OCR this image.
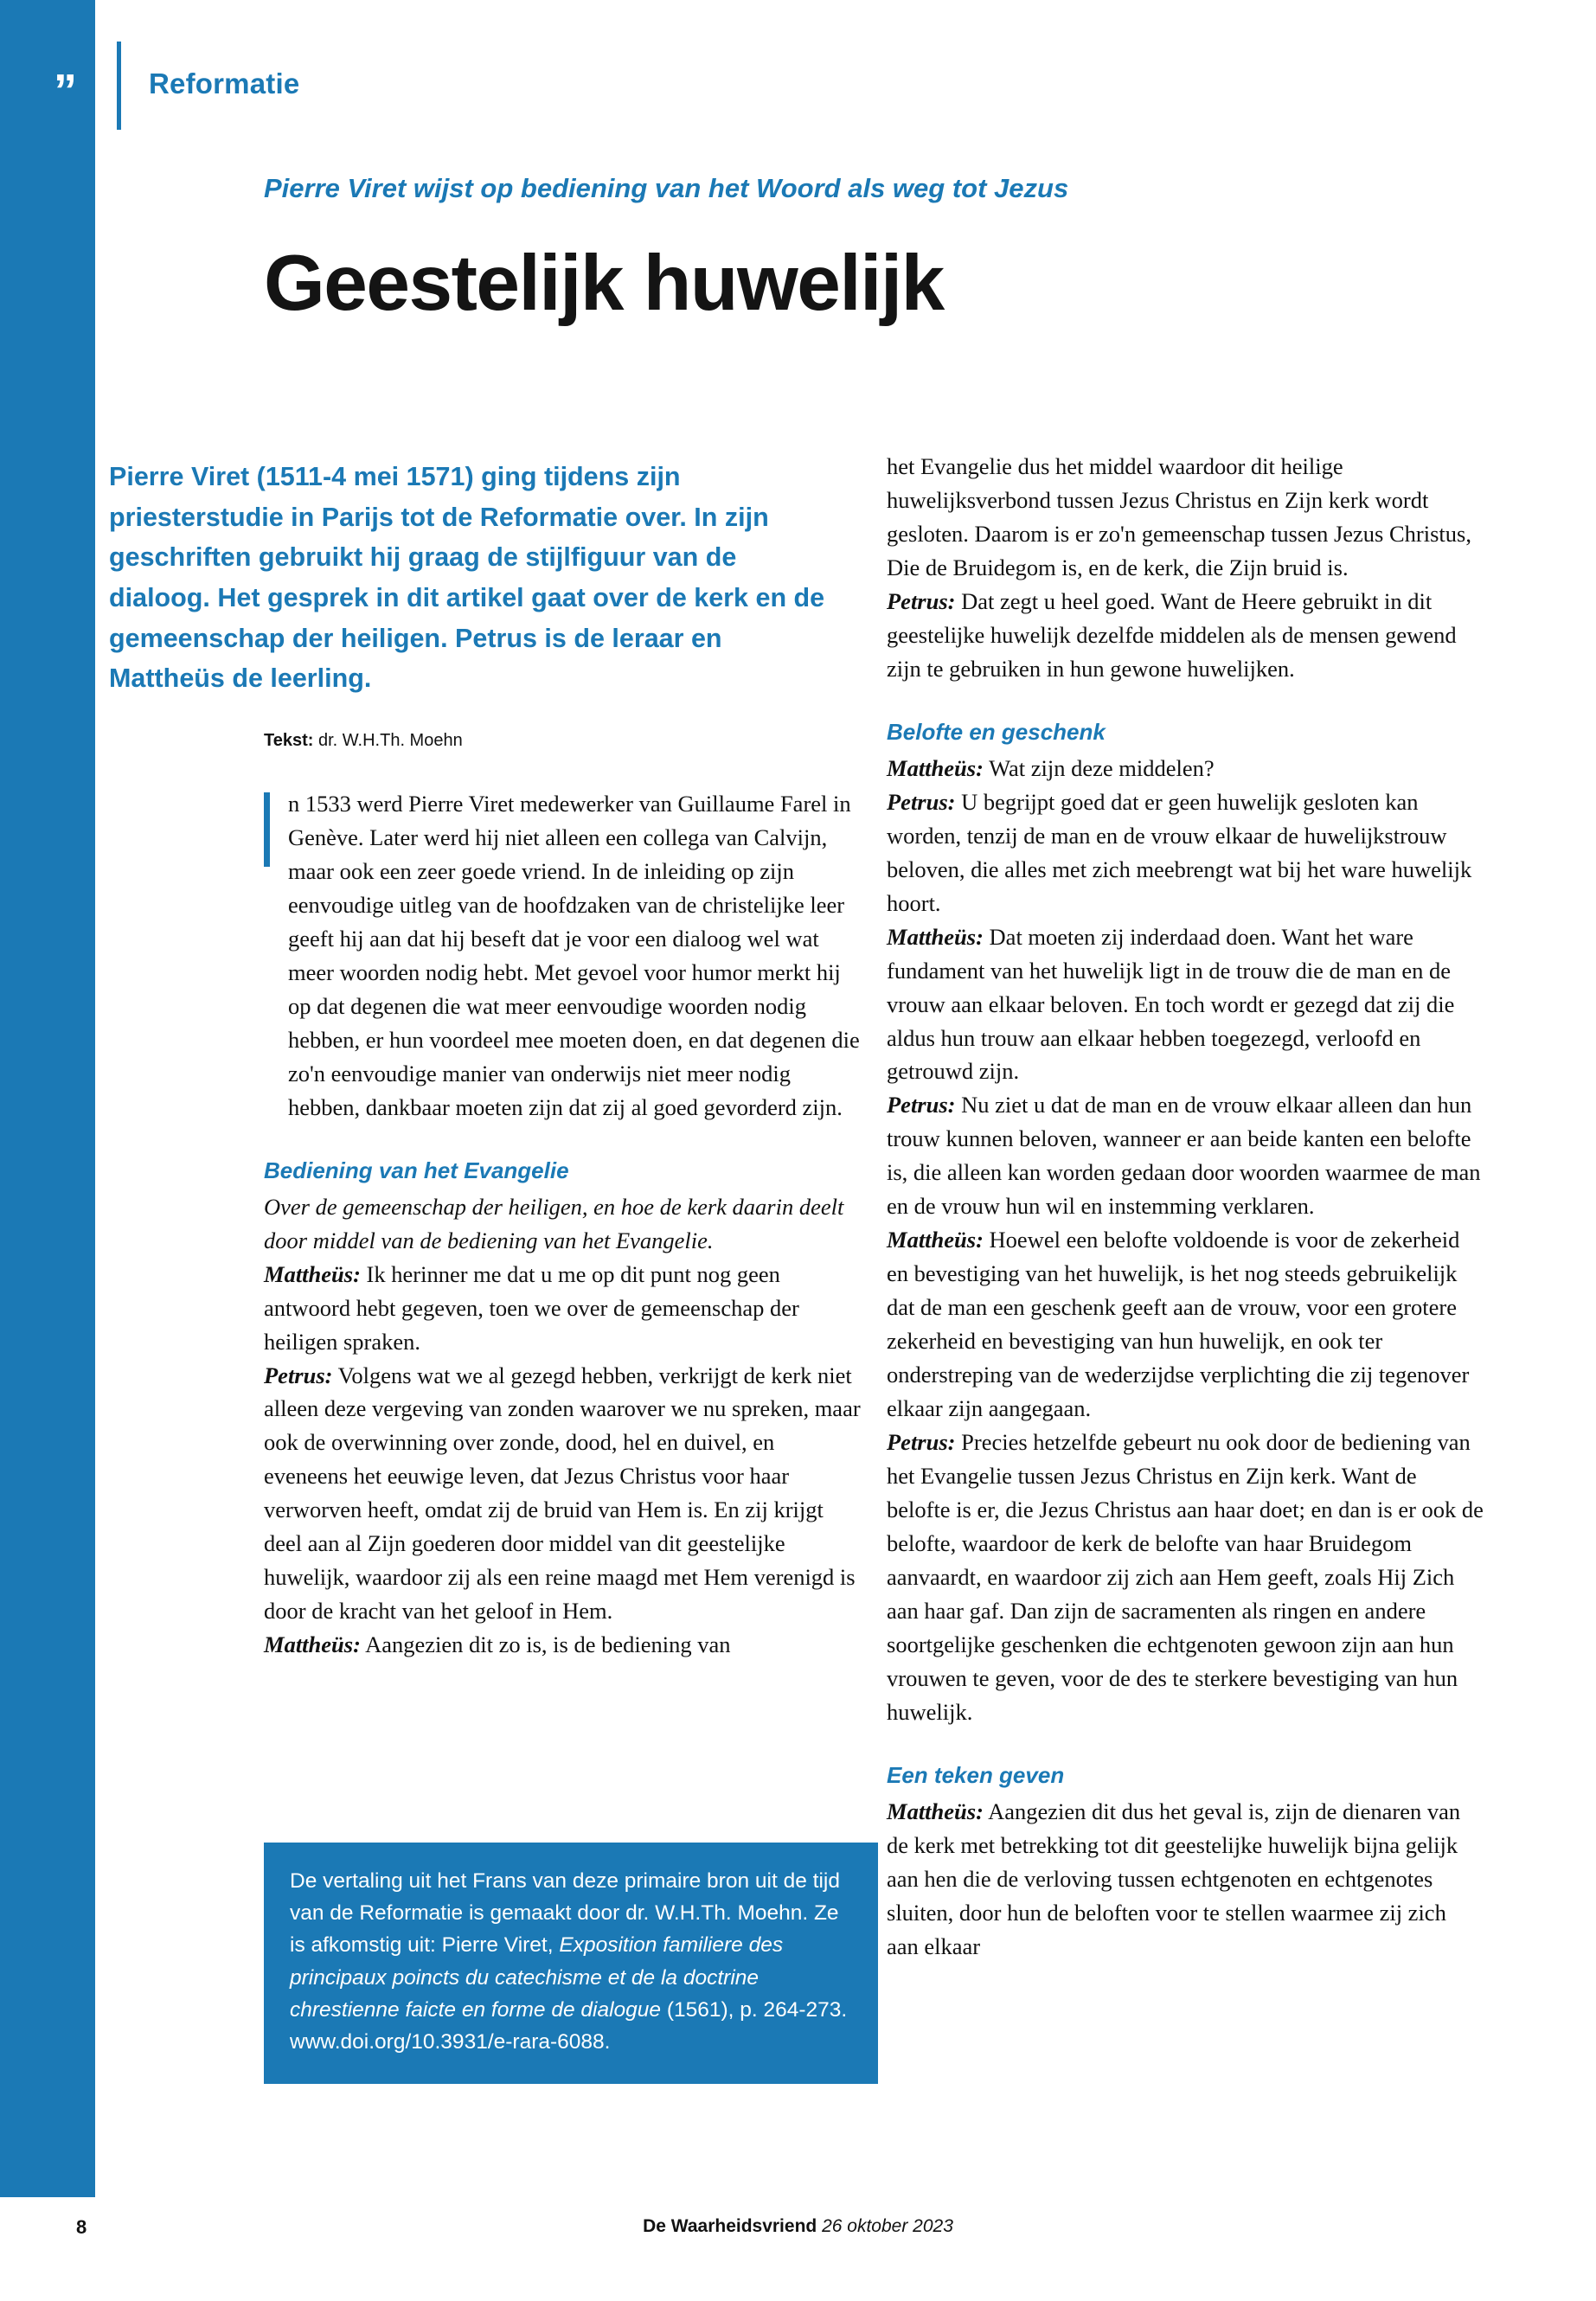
”	Reformatie
Pierre Viret wijst op bediening van het Woord als weg tot Jezus
Geestelijk huwelijk
Pierre Viret (1511-4 mei 1571) ging tijdens zijn priesterstudie in Parijs tot de Reformatie over. In zijn geschriften gebruikt hij graag de stijlfiguur van de dialoog. Het gesprek in dit artikel gaat over de kerk en de gemeenschap der heiligen. Petrus is de leraar en Mattheüs de leerling.
Tekst: dr. W.H.Th. Moehn

n 1533 werd Pierre Viret medewerker van Guillaume Farel in Genève. Later werd hij niet alleen een collega van Calvijn, maar ook een zeer goede vriend. In de inleiding op zijn eenvoudige uitleg van de hoofdzaken van de christelijke leer geeft hij aan dat hij beseft dat je voor een dialoog wel wat meer woorden nodig hebt. Met gevoel voor humor merkt hij op dat degenen die wat meer eenvoudige woorden nodig hebben, er hun voordeel mee moeten doen, en dat degenen die zo'n eenvoudige manier van onderwijs niet meer nodig hebben, dankbaar moeten zijn dat zij al goed gevorderd zijn.

Bediening van het Evangelie

Over de gemeenschap der heiligen, en hoe de kerk daarin deelt door middel van de bediening van het Evangelie.

Mattheüs: Ik herinner me dat u me op dit punt nog geen antwoord hebt gegeven, toen we over de gemeenschap der heiligen spraken.

Petrus: Volgens wat we al gezegd hebben, verkrijgt de kerk niet alleen deze vergeving van zonden waarover we nu spreken, maar ook de overwinning over zonde, dood, hel en duivel, en eveneens het eeuwige leven, dat Jezus Christus voor haar verworven heeft, omdat zij de bruid van Hem is. En zij krijgt deel aan al Zijn goederen door middel van dit geestelijke huwelijk, waardoor zij als een reine maagd met Hem verenigd is door de kracht van het geloof in Hem.

Mattheüs: Aangezien dit zo is, is de bediening van

het Evangelie dus het middel waardoor dit heilige huwelijksverbond tussen Jezus Christus en Zijn kerk wordt gesloten. Daarom is er zo'n gemeenschap tussen Jezus Christus, Die de Bruidegom is, en de kerk, die Zijn bruid is.

Petrus: Dat zegt u heel goed. Want de Heere gebruikt in dit geestelijke huwelijk dezelfde middelen als de mensen gewend zijn te gebruiken in hun gewone huwelijken.

Belofte en geschenk

Mattheüs: Wat zijn deze middelen?

Petrus: U begrijpt goed dat er geen huwelijk gesloten kan worden, tenzij de man en de vrouw elkaar de huwelijkstrouw beloven, die alles met zich meebrengt wat bij het ware huwelijk hoort.

Mattheüs: Dat moeten zij inderdaad doen. Want het ware fundament van het huwelijk ligt in de trouw die de man en de vrouw aan elkaar beloven. En toch wordt er gezegd dat zij die aldus hun trouw aan elkaar hebben toegezegd, verloofd en getrouwd zijn.

Petrus: Nu ziet u dat de man en de vrouw elkaar alleen dan hun trouw kunnen beloven, wanneer er aan beide kanten een belofte is, die alleen kan worden gedaan door woorden waarmee de man en de vrouw hun wil en instemming verklaren.

Mattheüs: Hoewel een belofte voldoende is voor de zekerheid en bevestiging van het huwelijk, is het nog steeds gebruikelijk dat de man een geschenk geeft aan de vrouw, voor een grotere zekerheid en bevestiging van hun huwelijk, en ook ter onderstreping van de wederzijdse verplichting die zij tegenover elkaar zijn aangegaan.

Petrus: Precies hetzelfde gebeurt nu ook door de bediening van het Evangelie tussen Jezus Christus en Zijn kerk. Want de belofte is er, die Jezus Christus aan haar doet; en dan is er ook de belofte, waardoor de kerk de belofte van haar Bruidegom aanvaardt, en waardoor zij zich aan Hem geeft, zoals Hij Zich aan haar gaf. Dan zijn de sacramenten als ringen en andere soortgelijke geschenken die echtgenoten gewoon zijn aan hun vrouwen te geven, voor de des te sterkere bevestiging van hun huwelijk.

Een teken geven

Mattheüs: Aangezien dit dus het geval is, zijn de dienaren van de kerk met betrekking tot dit geestelijke huwelijk bijna gelijk aan hen die de verloving tussen echtgenoten en echtgenotes sluiten, door hun de beloften voor te stellen waarmee zij zich aan elkaar

De vertaling uit het Frans van deze primaire bron uit de tijd van de Reformatie is gemaakt door dr. W.H.Th. Moehn. Ze is afkomstig uit: Pierre Viret, Exposition familiere des principaux poincts du catechisme et de la doctrine chrestienne faicte en forme de dialogue (1561), p. 264-273. www.doi.org/10.3931/e-rara-6088.
8	De Waarheidsvriend 26 oktober 2023
